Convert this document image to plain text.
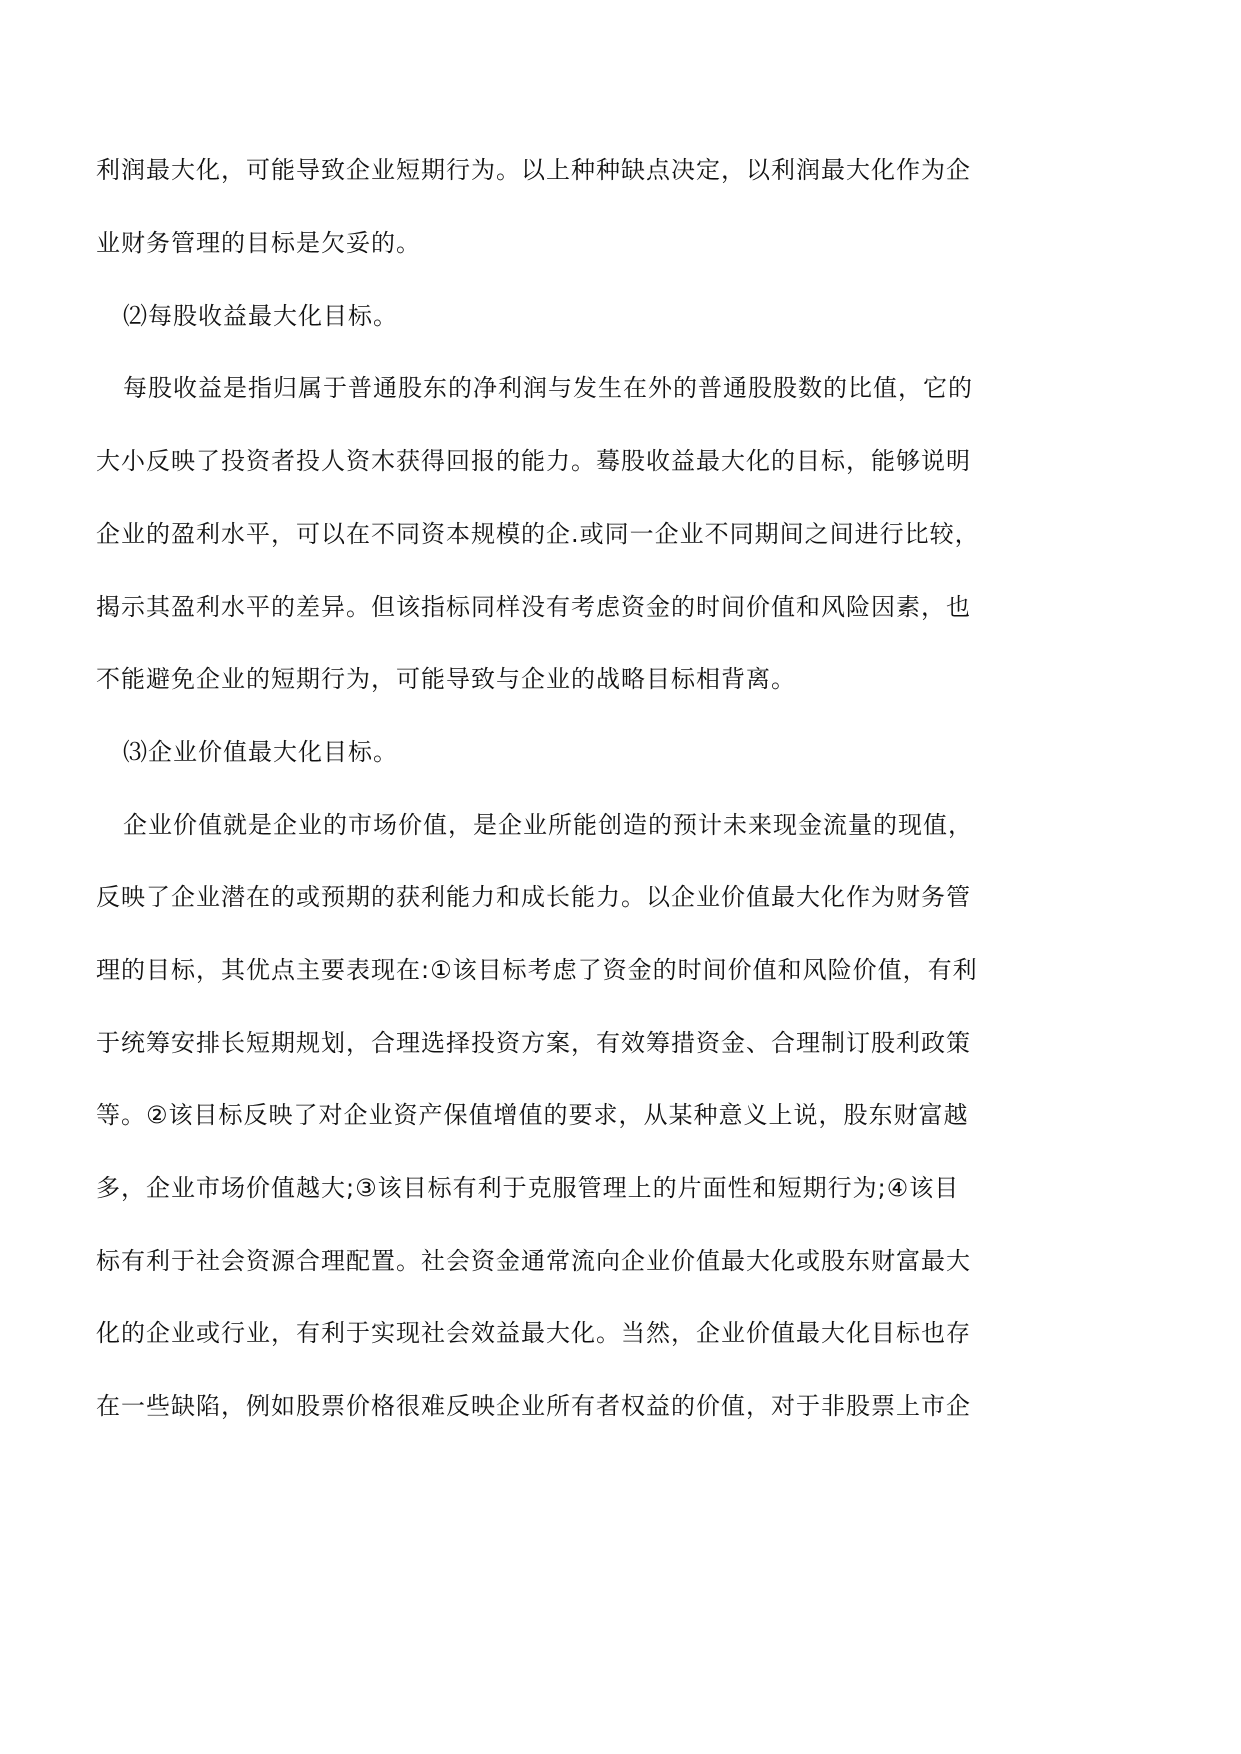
利润最大化，可能导致企业短期行为。以上种种缺点决定，以利润最大化作为企
业财务管理的目标是欠妥的。
⑵每股收益最大化目标。
每股收益是指归属于普通股东的净利润与发生在外的普通股股数的比值，它的
大小反映了投资者投人资木获得回报的能力。蓦股收益最大化的目标，能够说明
企业的盈利水平，可以在不同资本规模的企.或同一企业不同期间之间进行比较，
揭示其盈利水平的差异。但该指标同样没有考虑资金的时间价值和风险因素，也
不能避免企业的短期行为，可能导致与企业的战略目标相背离。
⑶企业价值最大化目标。
企业价值就是企业的市场价值，是企业所能创造的预计未来现金流量的现值，
反映了企业潜在的或预期的获利能力和成长能力。以企业价值最大化作为财务管
理的目标，其优点主要表现在:①该目标考虑了资金的时间价值和风险价值，有利
于统筹安排长短期规划，合理选择投资方案，有效筹措资金、合理制订股利政策
等。②该目标反映了对企业资产保值增值的要求，从某种意义上说，股东财富越
多，企业市场价值越大;③该目标有利于克服管理上的片面性和短期行为;④该目
标有利于社会资源合理配置。社会资金通常流向企业价值最大化或股东财富最大
化的企业或行业，有利于实现社会效益最大化。当然，企业价值最大化目标也存
在一些缺陷，例如股票价格很难反映企业所有者权益的价值，对于非股票上市企
